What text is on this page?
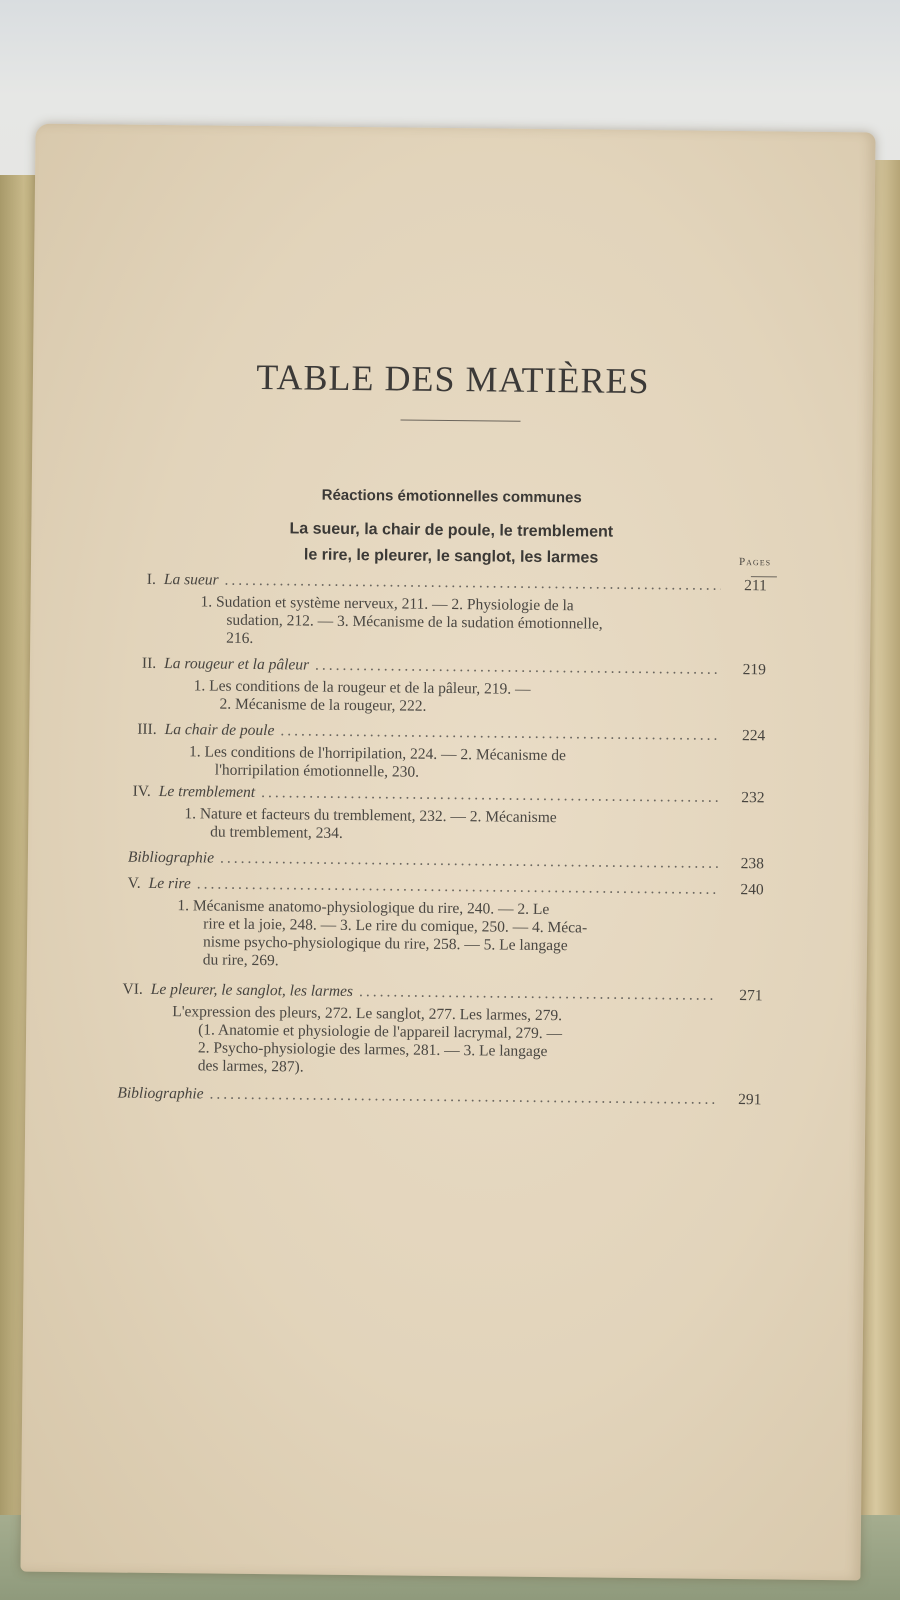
TABLE DES MATIÈRES
Réactions émotionnelles communes
La sueur, la chair de poule, le tremblement
le rire, le pleurer, le sanglot, les larmes	Pages
I. La sueur .....	211
1. Sudation et système nerveux, 211. — 2. Physiologie de la
sudation, 212. — 3. Mécanisme de la sudation émotionnelle,
216.
II. La rougeur et la pâleur .....	219
1. Les conditions de la rougeur et de la pâleur, 219. —
2. Mécanisme de la rougeur, 222.
III. La chair de poule .....	224
1. Les conditions de l'horripilation, 224. — 2. Mécanisme de
l'horripilation émotionnelle, 230.
IV. Le tremblement .....	232
1. Nature et facteurs du tremblement, 232. — 2. Mécanisme
du tremblement, 234.
Bibliographie .....	238
V. Le rire .....	240
1. Mécanisme anatomo-physiologique du rire, 240. — 2. Le
rire et la joie, 248. — 3. Le rire du comique, 250. — 4. Méca-
nisme psycho-physiologique du rire, 258. — 5. Le langage
du rire, 269.
VI. Le pleurer, le sanglot, les larmes .....	271
L'expression des pleurs, 272. Le sanglot, 277. Les larmes, 279.
(1. Anatomie et physiologie de l'appareil lacrymal, 279. —
2. Psycho-physiologie des larmes, 281. — 3. Le langage
des larmes, 287).
Bibliographie .....	291
